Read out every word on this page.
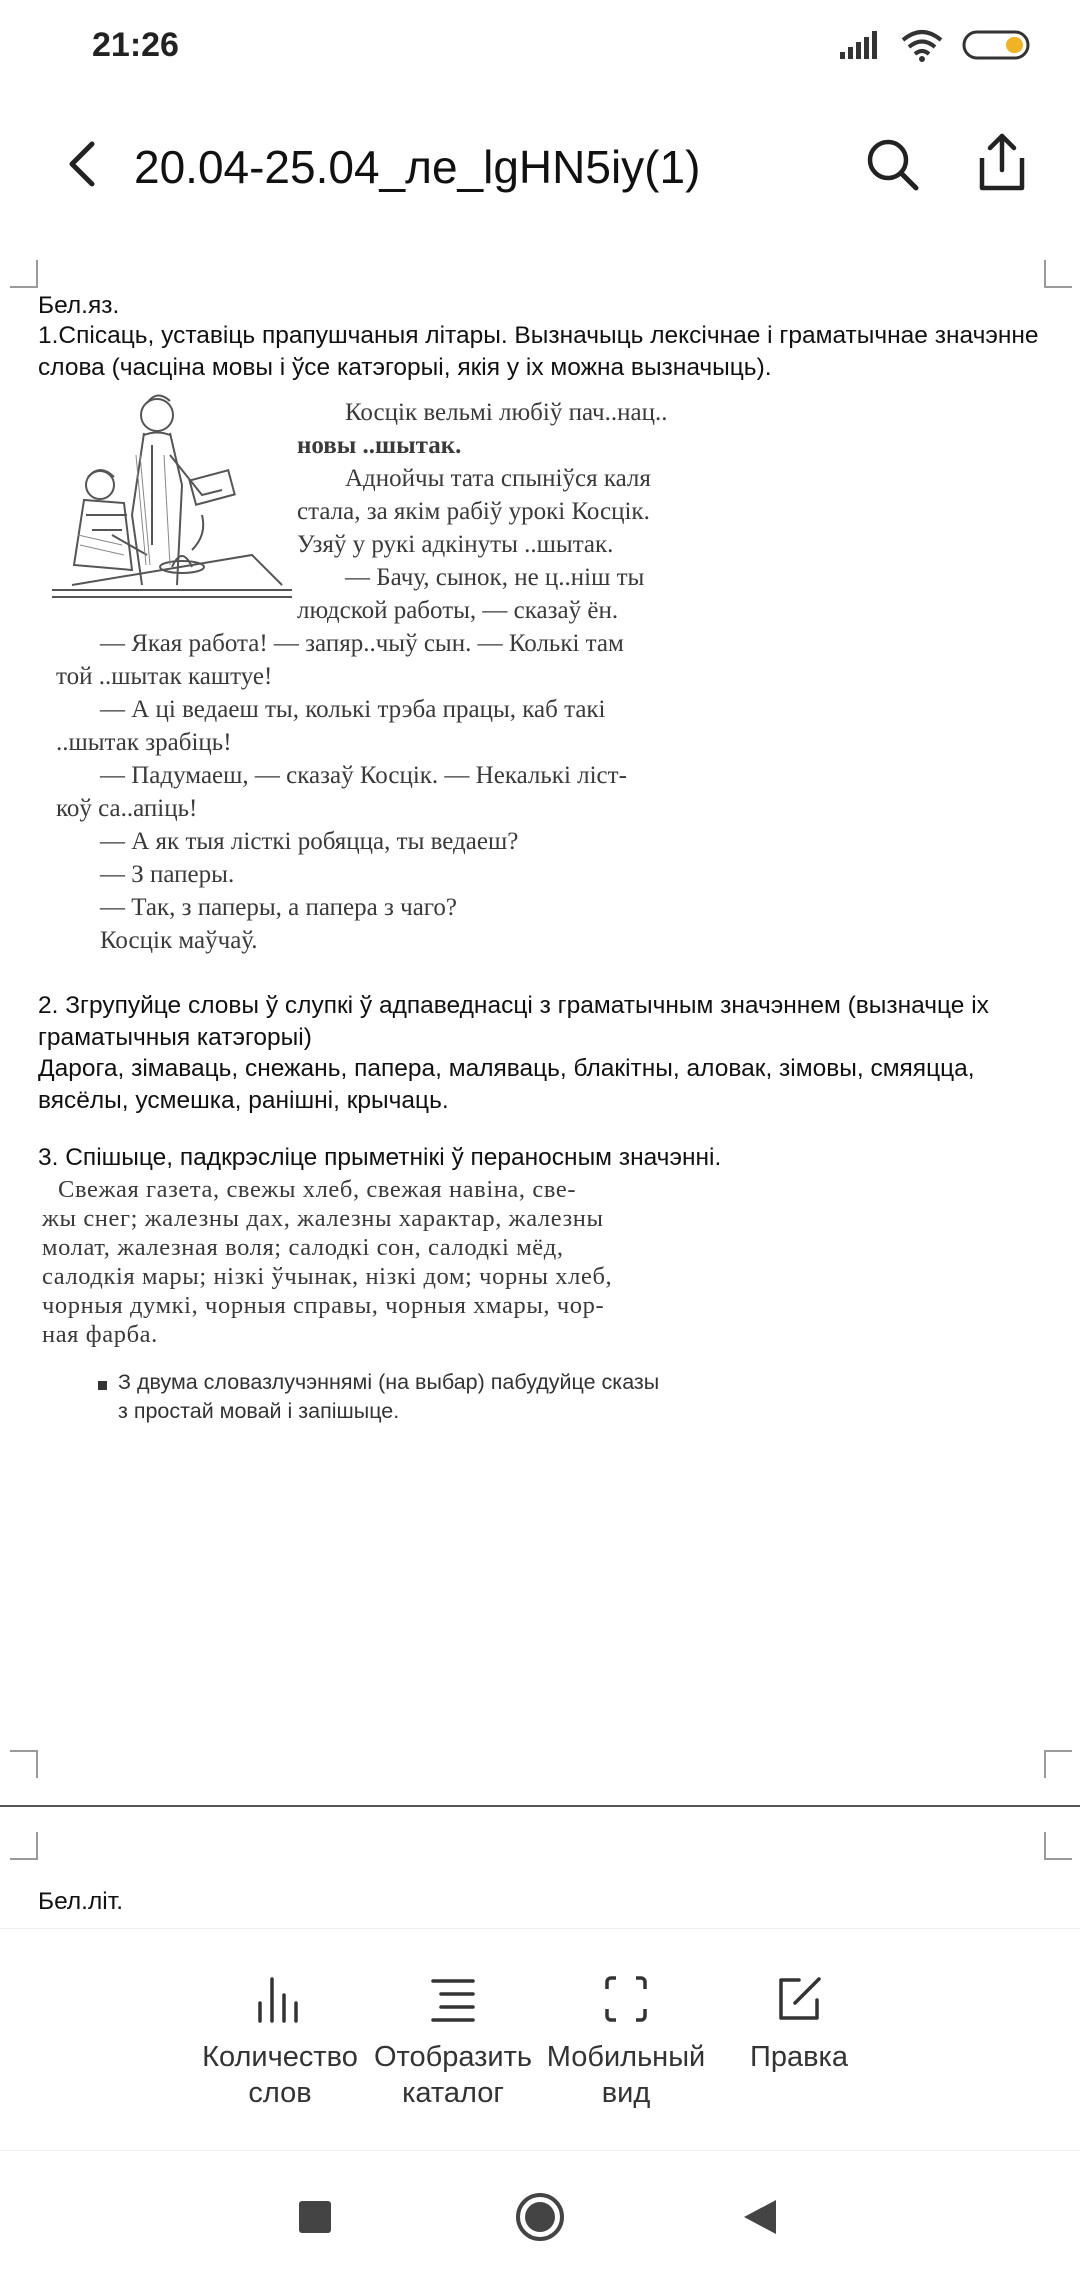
21:26
20.04-25.04_ле_lgHN5iy(1)
Бел.яз.
1.Спісаць, уставіць прапушчаныя літары. Вызначыць лексічнае і граматычнае значэнне слова (часціна мовы і ўсе катэгорыі, якія у іх можна вызначыць).
Косцік вельмі любіў пач..нац..
новы ..шытак.
Аднойчы тата спыніўся каля
стала, за якім рабіў урокі Косцік.
Узяў у рукі адкінуты ..шытак.
— Бачу, сынок, не ц..ніш ты
людской работы, — сказаў ён.
— Якая работа! — запяр..чыў сын. — Колькі там
той ..шытак каштуе!
— А ці ведаеш ты, колькі трэба працы, каб такі
..шытак зрабіць!
— Падумаеш, — сказаў Косцік. — Некалькі ліст-
коў са..апіць!
— А як тыя лісткі робяцца, ты ведаеш?
— З паперы.
— Так, з паперы, а папера з чаго?
Косцік маўчаў.
2. Згрупуйце словы ў слупкі ў адпаведнасці з граматычным значэннем (вызначце іх граматычныя катэгорыі)
Дарога, зімаваць, снежань, папера, маляваць, блакітны, аловак, зімовы, смяяцца, вясёлы, усмешка, ранішні, крычаць.
3. Спішыце, падкрэсліце прыметнікі ў пераносным значэнні.
Свежая газета, свежы хлеб, свежая навіна, све-
жы снег; жалезны дах, жалезны характар, жалезны
молат, жалезная воля; салодкі сон, салодкі мёд,
салодкія мары; нізкі ўчынак, нізкі дом; чорны хлеб,
чорныя думкі, чорныя справы, чорныя хмары, чор-
ная фарба.
З двума словазлучэннямі (на выбар) пабудуйце сказы
з простай мовай і запішыце.
Бел.літ.
Количество
слов
Отобразить
каталог
Мобильный
вид
Правка
